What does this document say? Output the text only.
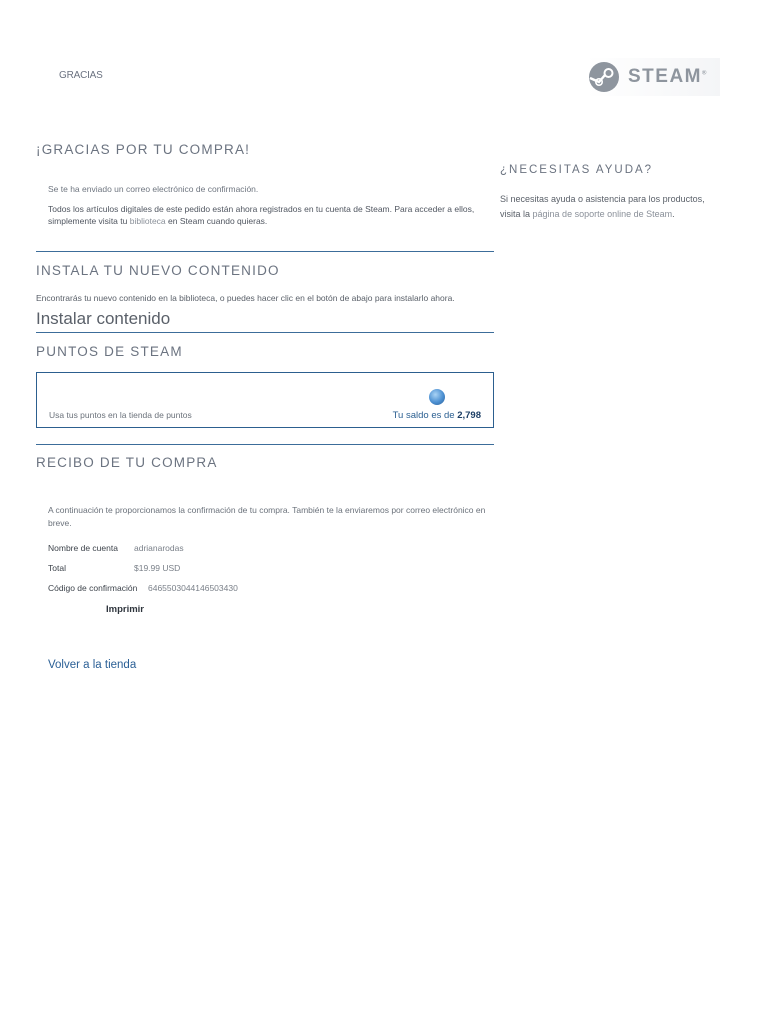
GRACIAS	STEAM®
¡GRACIAS POR TU COMPRA!

Se te ha enviado un correo electrónico de confirmación.

Todos los artículos digitales de este pedido están ahora registrados en tu cuenta de Steam. Para acceder a ellos, simplemente visita tu biblioteca en Steam cuando quieras.

INSTALA TU NUEVO CONTENIDO
Encontrarás tu nuevo contenido en la biblioteca, o puedes hacer clic en el botón de abajo para instalarlo ahora.
Instalar contenido
PUNTOS DE STEAM
Usa tus puntos en la tienda de puntos	Tu saldo es de 2,798
RECIBO DE TU COMPRA
A continuación te proporcionamos la confirmación de tu compra. También te la enviaremos por correo electrónico en breve.
Nombre de cuenta	adrianarodas
Total	$19.99 USD
Código de confirmación	6465503044146503430
Imprimir
Volver a la tienda
¿NECESITAS AYUDA?
Si necesitas ayuda o asistencia para los productos, visita la página de soporte online de Steam.
